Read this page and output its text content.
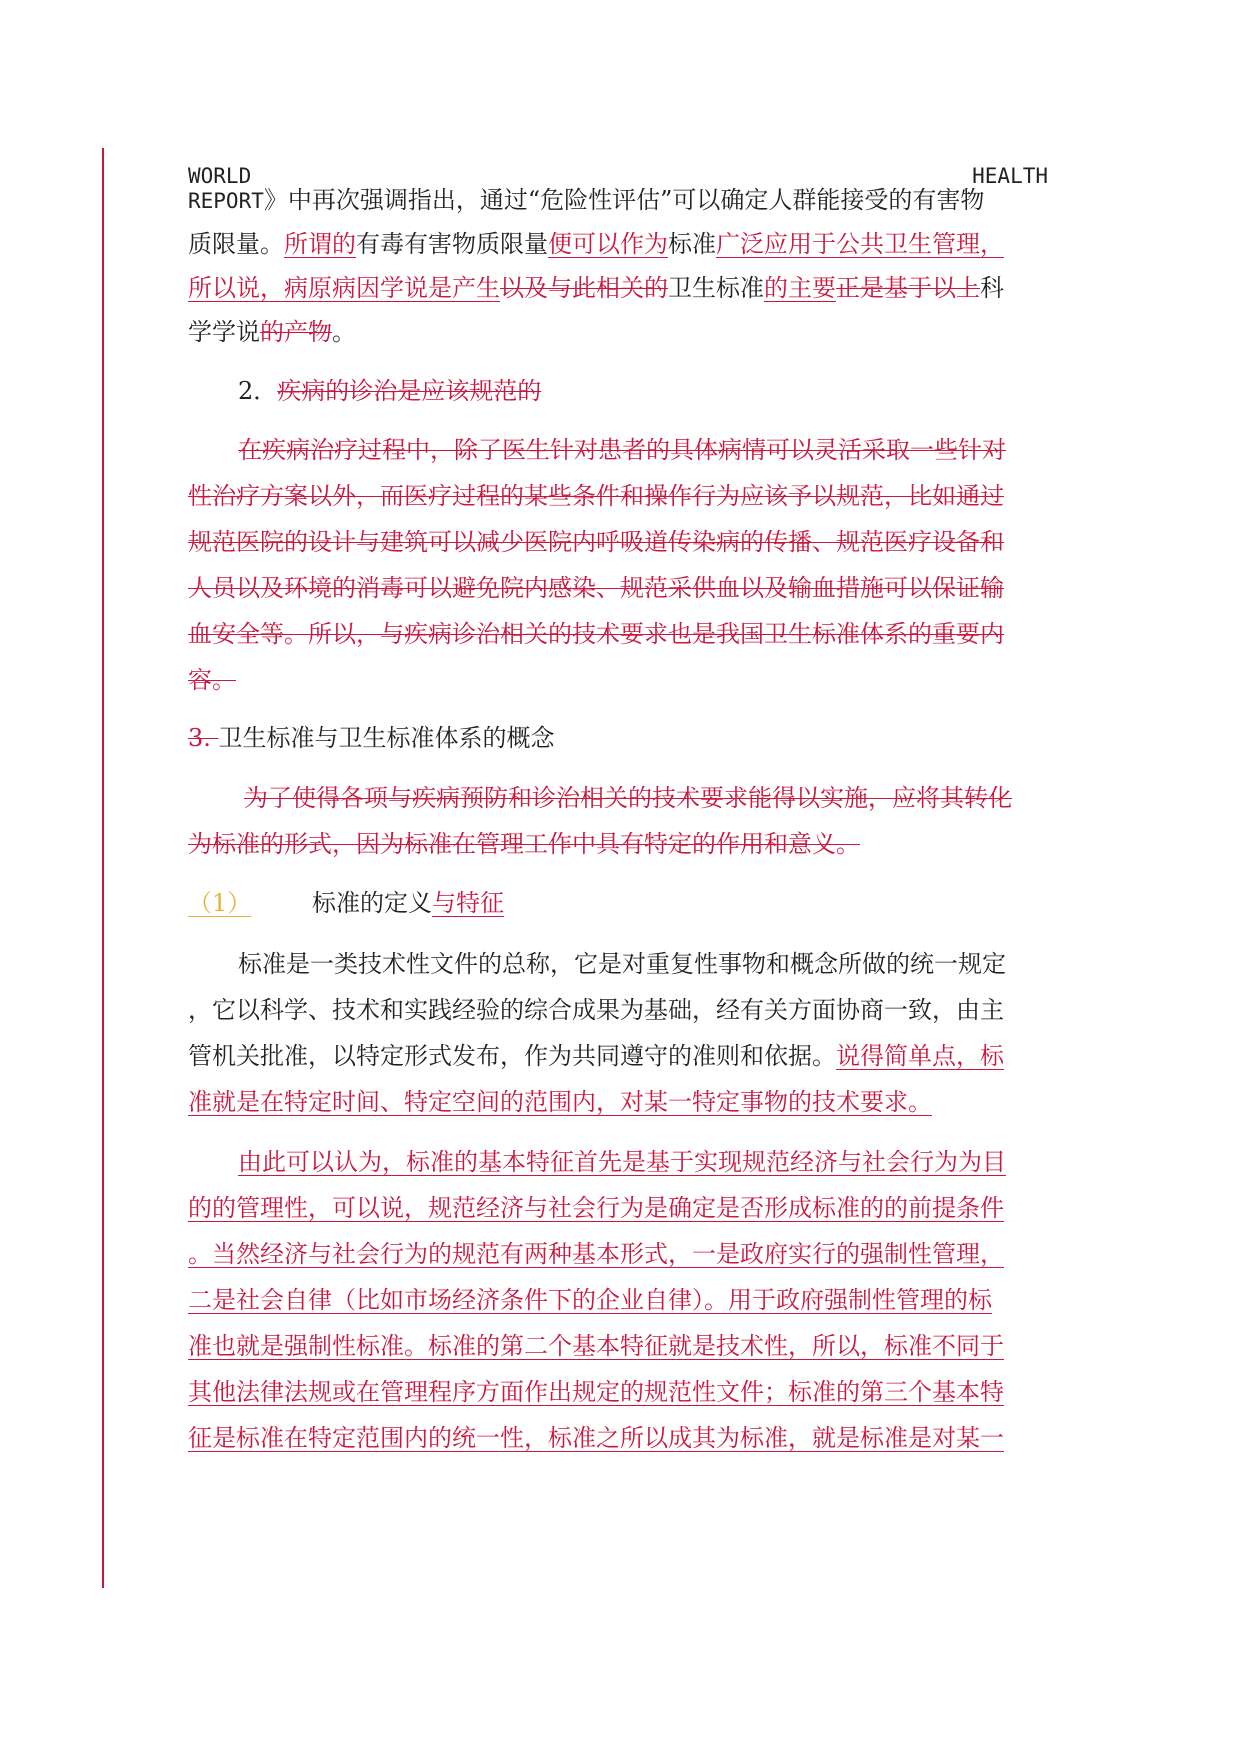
WORLD	HEALTH
REPORT》中再次强调指出，通过“危险性评估”可以确定人群能接受的有害物
质限量。所谓的有毒有害物质限量便可以作为标准广泛应用于公共卫生管理，
所以说，病原病因学说是产生以及与此相关的卫生标准的主要正是基于以上科
学学说的产物。
2．疾病的诊治是应该规范的
在疾病治疗过程中，除了医生针对患者的具体病情可以灵活采取一些针对
性治疗方案以外，而医疗过程的某些条件和操作行为应该予以规范，比如通过
规范医院的设计与建筑可以减少医院内呼吸道传染病的传播、规范医疗设备和
人员以及环境的消毒可以避免院内感染、规范采供血以及输血措施可以保证输
血安全等。所以，与疾病诊治相关的技术要求也是我国卫生标准体系的重要内
容。
3. 卫生标准与卫生标准体系的概念
为了使得各项与疾病预防和诊治相关的技术要求能得以实施，应将其转化
为标准的形式，因为标准在管理工作中具有特定的作用和意义。
（1）	标准的定义与特征
标准是一类技术性文件的总称，它是对重复性事物和概念所做的统一规定
，它以科学、技术和实践经验的综合成果为基础，经有关方面协商一致，由主
管机关批准，以特定形式发布，作为共同遵守的准则和依据。说得简单点，标
准就是在特定时间、特定空间的范围内，对某一特定事物的技术要求。
由此可以认为，标准的基本特征首先是基于实现规范经济与社会行为为目
的的管理性，可以说，规范经济与社会行为是确定是否形成标准的的前提条件
。当然经济与社会行为的规范有两种基本形式，一是政府实行的强制性管理，
二是社会自律（比如市场经济条件下的企业自律）。用于政府强制性管理的标
准也就是强制性标准。标准的第二个基本特征就是技术性，所以，标准不同于
其他法律法规或在管理程序方面作出规定的规范性文件；标准的第三个基本特
征是标准在特定范围内的统一性，标准之所以成其为标准，就是标准是对某一
